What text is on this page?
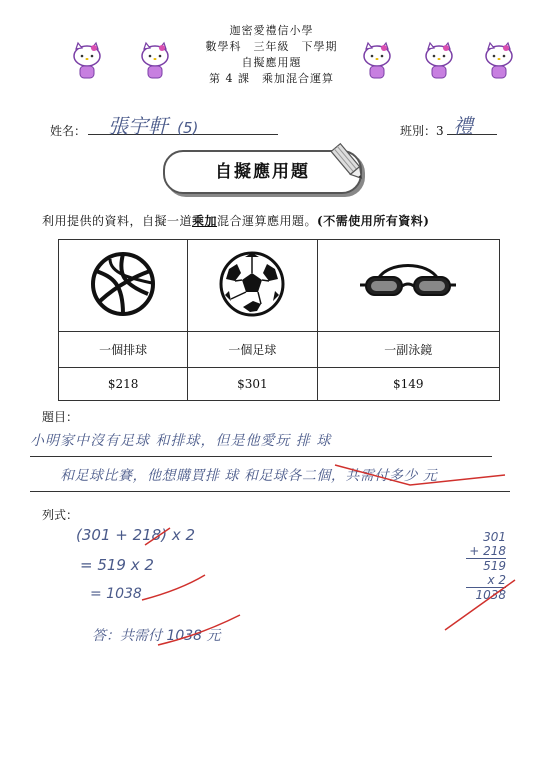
迦密愛禮信小學
數學科　三年級　下學期
自擬應用題
第 4 課　乘加混合運算
姓名：	張宇軒 (5)	班別：3 禮
自擬應用題
利用提供的資料，自擬一道乘加混合運算應用題。(不需使用所有資料)

一個排球	一個足球	一副泳鏡
$218	$301	$149
題目：
小明家中沒有足球 和排球，但是他愛玩 排 球
和足球比賽，他想購買排 球 和足球各二個，共需付多少 元
列式：
(301 + 218) x 2
= 519 x 2
= 1038
答：共需付 1038 元
301
+ 218
519
x 2
1038
